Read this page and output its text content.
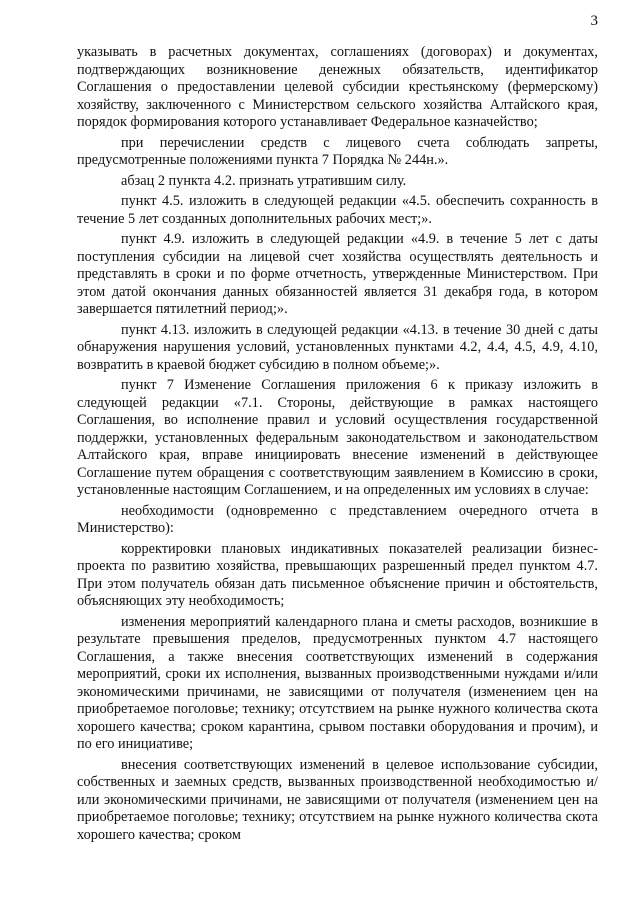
3

указывать в расчетных документах, соглашениях (договорах) и документах, подтверждающих возникновение денежных обязательств, идентификатор Соглашения о предоставлении целевой субсидии крестьянскому (фермерскому) хозяйству, заключенного с Министерством сельского хозяйства Алтайского края, порядок формирования которого устанавливает Федеральное казначейство;

при перечислении средств с лицевого счета соблюдать запреты, предусмотренные положениями пункта 7 Порядка № 244н.».

абзац 2 пункта 4.2. признать утратившим силу.

пункт 4.5. изложить в следующей редакции «4.5. обеспечить сохранность в течение 5 лет созданных дополнительных рабочих мест;».

пункт 4.9. изложить в следующей редакции «4.9. в течение 5 лет с даты поступления субсидии на лицевой счет хозяйства осуществлять деятельность и представлять в сроки и по форме отчетность, утвержденные Министерством. При этом датой окончания данных обязанностей является 31 декабря года, в котором завершается пятилетний период;».

пункт 4.13. изложить в следующей редакции «4.13. в течение 30 дней с даты обнаружения нарушения условий, установленных пунктами 4.2, 4.4, 4.5, 4.9, 4.10, возвратить в краевой бюджет субсидию в полном объеме;».

пункт 7 Изменение Соглашения приложения 6 к приказу изложить в следующей редакции «7.1. Стороны, действующие в рамках настоящего Соглашения, во исполнение правил и условий осуществления государственной поддержки, установленных федеральным законодательством и законодательством Алтайского края, вправе инициировать внесение изменений в действующее Соглашение путем обращения с соответствующим заявлением в Комиссию в сроки, установленные настоящим Соглашением, и на определенных им условиях в случае:

необходимости (одновременно с представлением очередного отчета в Министерство):

корректировки плановых индикативных показателей реализации бизнес-проекта по развитию хозяйства, превышающих разрешенный предел пунктом 4.7. При этом получатель обязан дать письменное объяснение причин и обстоятельств, объясняющих эту необходимость;

изменения мероприятий календарного плана и сметы расходов, возникшие в результате превышения пределов, предусмотренных пунктом 4.7 настоящего Соглашения, а также внесения соответствующих изменений в содержания мероприятий, сроки их исполнения, вызванных производственными нуждами и/или экономическими причинами, не зависящими от получателя (изменением цен на приобретаемое поголовье; технику; отсутствием на рынке нужного количества скота хорошего качества; сроком карантина, срывом поставки оборудования и прочим), и по его инициативе;

внесения соответствующих изменений в целевое использование субсидии, собственных и заемных средств, вызванных производственной необходимостью и/или экономическими причинами, не зависящими от получателя (изменением цен на приобретаемое поголовье; технику; отсутствием на рынке нужного количества скота хорошего качества; сроком
